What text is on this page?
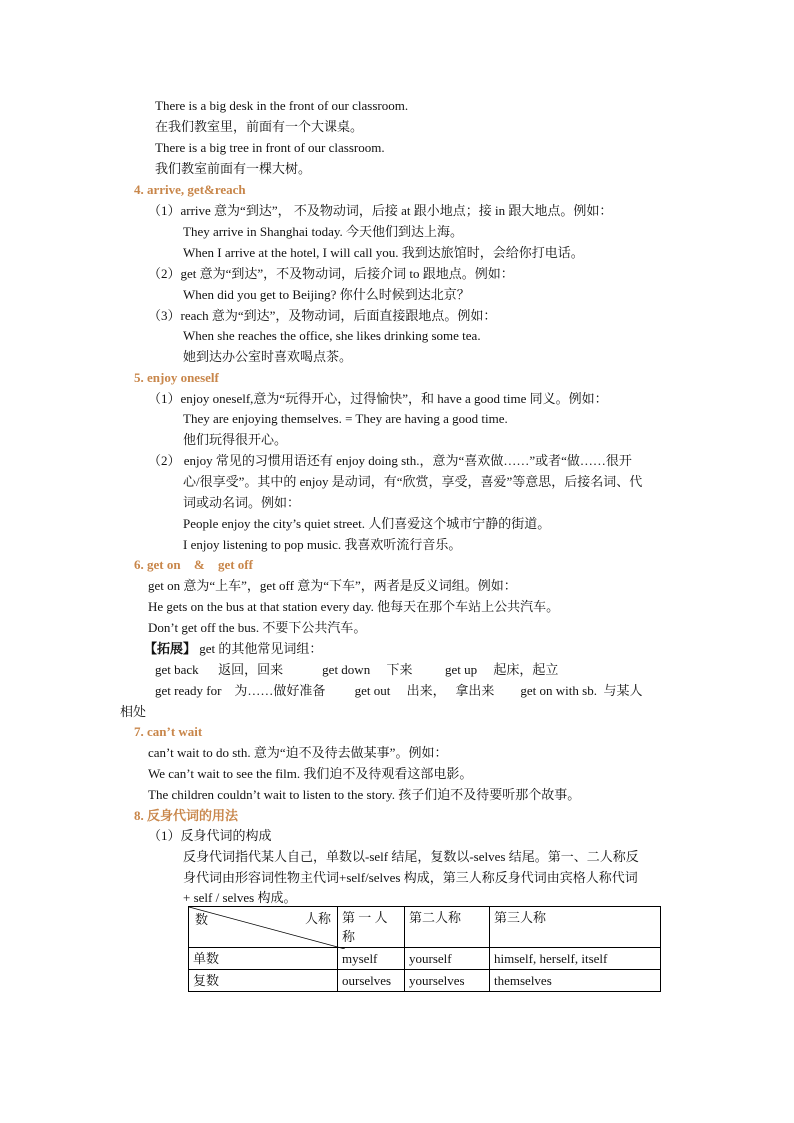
There is a big desk in the front of our classroom.
在我们教室里，前面有一个大课桌。
There is a big tree in front of our classroom.
我们教室前面有一棵大树。
4. arrive, get&reach
（1）arrive 意为“到达”， 不及物动词，后接 at 跟小地点；接 in 跟大地点。例如：
They arrive in Shanghai today. 今天他们到达上海。
When I arrive at the hotel, I will call you. 我到达旅馆时，会给你打电话。
（2）get 意为“到达”，不及物动词，后接介词 to 跟地点。例如：
When did you get to Beijing? 你什么时候到达北京？
（3）reach 意为“到达”，及物动词，后面直接跟地点。例如：
When she reaches the office, she likes drinking some tea.
她到达办公室时喜欢喝点茶。
5. enjoy oneself
（1）enjoy oneself,意为“玩得开心，过得愉快”，和 have a good time 同义。例如：
They are enjoying themselves. = They are having a good time.
他们玩得很开心。
（2） enjoy 常见的习惯用语还有 enjoy doing sth.，意为“喜欢做……”或者“做……很开
心/很享受”。其中的 enjoy 是动词，有“欣赏，享受，喜爱”等意思，后接名词、代
词或动名词。例如：
People enjoy the city’s quiet street. 人们喜爱这个城市宁静的街道。
I enjoy listening to pop music. 我喜欢听流行音乐。
6. get on & get off
get on 意为“上车”，get off 意为“下车”，两者是反义词组。例如：
He gets on the bus at that station every day. 他每天在那个车站上公共汽车。
Don’t get off the bus. 不要下公共汽车。
【拓展】 get 的其他常见词组：
get back      返回，回来            get down     下来          get up     起床，起立
get ready for    为……做好准备         get out     出来，   拿出来        get on with sb.  与某人
相处
7. can’t wait
can’t wait to do sth. 意为“迫不及待去做某事”。例如：
We can’t wait to see the film. 我们迫不及待观看这部电影。
The children couldn’t wait to listen to the story. 孩子们迫不及待要听那个故事。
8. 反身代词的用法
（1）反身代词的构成
反身代词指代某人自己，单数以-self 结尾，复数以-selves 结尾。第一、二人称反
身代词由形容词性物主代词+self/selves 构成，第三人称反身代词由宾格人称代词
+ self / selves 构成。
数 人称	第 一 人称	第二人称	第三人称
单数	myself	yourself	himself, herself, itself
复数	ourselves	yourselves	themselves
